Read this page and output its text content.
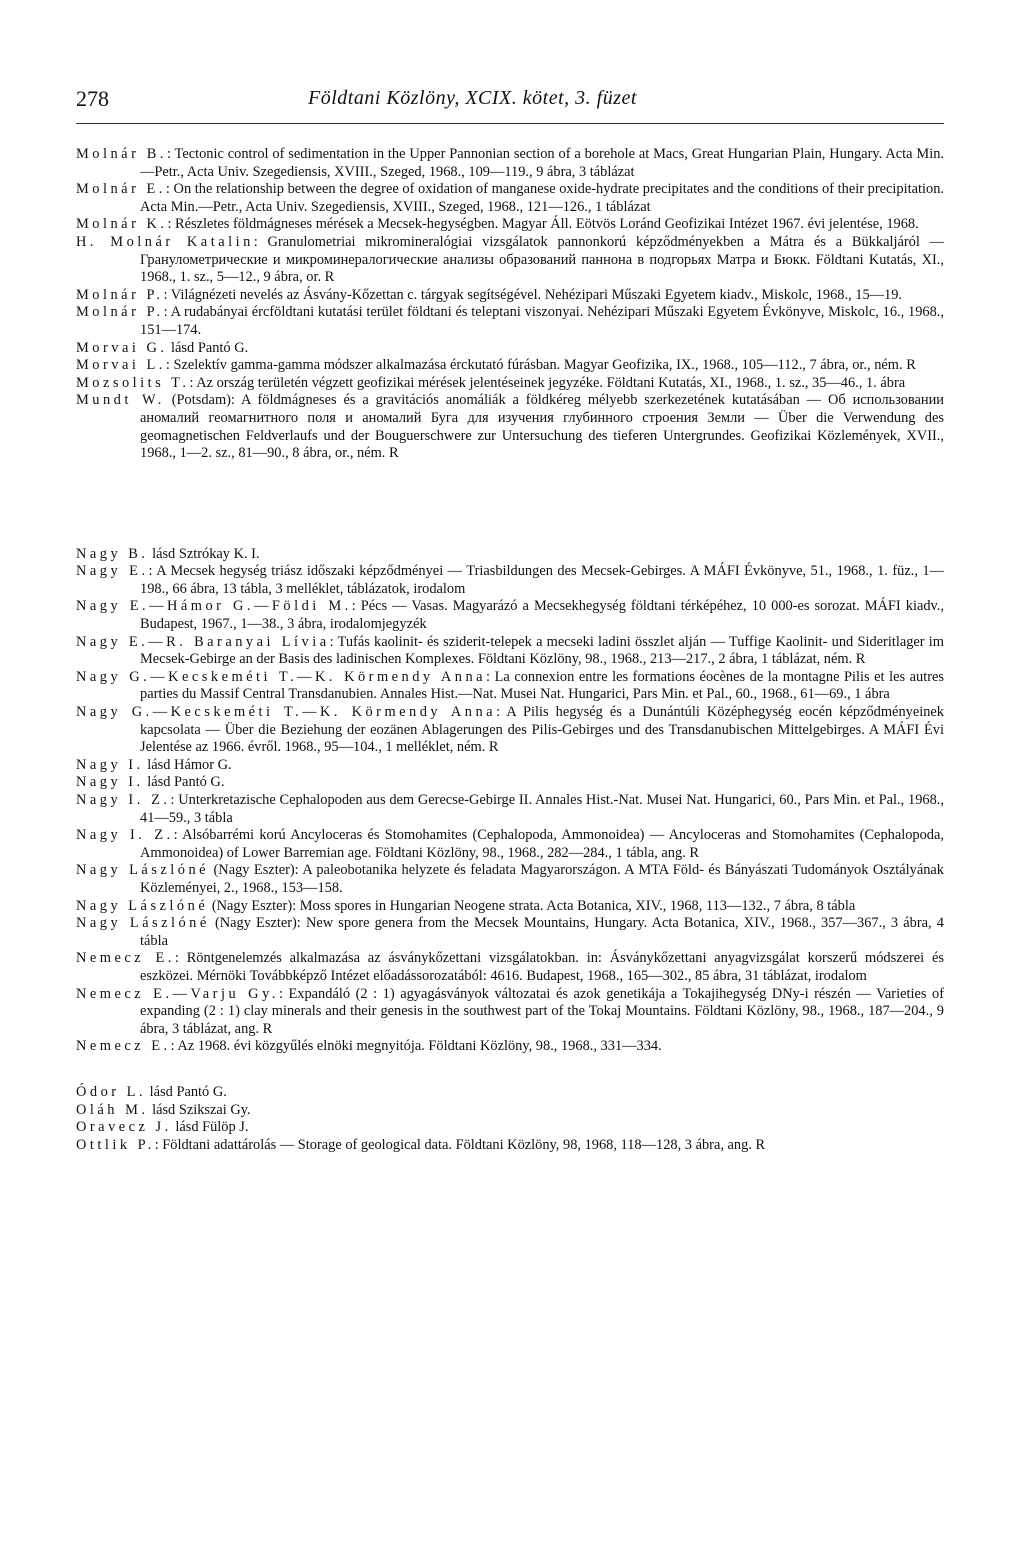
278	Földtani Közlöny, XCIX. kötet, 3. füzet
Molnár B.: Tectonic control of sedimentation in the Upper Pannonian section of a borehole at Macs, Great Hungarian Plain, Hungary. Acta Min.—Petr., Acta Univ. Szegediensis, XVIII., Szeged, 1968., 109—119., 9 ábra, 3 táblázat
Molnár E.: On the relationship between the degree of oxidation of manganese oxide-hydrate precipitates and the conditions of their precipitation. Acta Min.—Petr., Acta Univ. Szegediensis, XVIII., Szeged, 1968., 121—126., 1 táblázat
Molnár K.: Részletes földmágneses mérések a Mecsek-hegységben. Magyar Áll. Eötvös Loránd Geofizikai Intézet 1967. évi jelentése, 1968.
H. Molnár Katalin: Granulometriai mikromineralógiai vizsgálatok pannonkorú képződményekben a Mátra és a Bükkaljáról — Гранулометрические и микроминералогические анализы образований паннона в подгорьях Матра и Бюкк. Földtani Kutatás, XI., 1968., 1. sz., 5—12., 9 ábra, or. R
Molnár P.: Világnézeti nevelés az Ásvány-Kőzettan c. tárgyak segítségével. Nehézipari Műszaki Egyetem kiadv., Miskolc, 1968., 15—19.
Molnár P.: A rudabányai ércföldtani kutatási terület földtani és teleptani viszonyai. Nehézipari Műszaki Egyetem Évkönyve, Miskolc, 16., 1968., 151—174.
Morvai G. lásd Pantó G.
Morvai L.: Szelektív gamma-gamma módszer alkalmazása érckutató fúrásban. Magyar Geofizika, IX., 1968., 105—112., 7 ábra, or., ném. R
Mozsolits T.: Az ország területén végzett geofizikai mérések jelentéseinek jegyzéke. Földtani Kutatás, XI., 1968., 1. sz., 35—46., 1. ábra
Mundt W. (Potsdam): A földmágneses és a gravitációs anomáliák a földkéreg mélyebb szerkezetének kutatásában — Об использовании аномалий геомагнитного поля и аномалий Буга для изучения глубинного строения Земли — Über die Verwendung des geomagnetischen Feldverlaufs und der Bouguerschwere zur Untersuchung des tieferen Untergrundes. Geofizikai Közlemények, XVII., 1968., 1—2. sz., 81—90., 8 ábra, or., ném. R
Nagy B. lásd Sztrókay K. I.
Nagy E.: A Mecsek hegység triász időszaki képződményei — Triasbildungen des Mecsek-Gebirges. A MÁFI Évkönyve, 51., 1968., 1. füz., 1—198., 66 ábra, 13 tábla, 3 melléklet, táblázatok, irodalom
Nagy E.—Hámor G.—Földi M.: Pécs — Vasas. Magyarázó a Mecsekhegység földtani térképéhez, 10 000-es sorozat. MÁFI kiadv., Budapest, 1967., 1—38., 3 ábra, irodalomjegyzék
Nagy E.—R. Baranyai Lívia: Tufás kaolinit- és sziderit-telepek a mecseki ladini összlet alján — Tuffige Kaolinit- und Sideritlager im Mecsek-Gebirge an der Basis des ladinischen Komplexes. Földtani Közlöny, 98., 1968., 213—217., 2 ábra, 1 táblázat, ném. R
Nagy G.—Kecskeméti T.—K. Körmendy Anna: La connexion entre les formations éocènes de la montagne Pilis et les autres parties du Massif Central Transdanubien. Annales Hist.—Nat. Musei Nat. Hungarici, Pars Min. et Pal., 60., 1968., 61—69., 1 ábra
Nagy G.—Kecskeméti T.—K. Körmendy Anna: A Pilis hegység és a Dunántúli Középhegység eocén képződményeinek kapcsolata — Über die Beziehung der eozänen Ablagerungen des Pilis-Gebirges und des Transdanubischen Mittelgebirges. A MÁFI Évi Jelentése az 1966. évről. 1968., 95—104., 1 melléklet, ném. R
Nagy I. lásd Hámor G.
Nagy I. lásd Pantó G.
Nagy I. Z.: Unterkretazische Cephalopoden aus dem Gerecse-Gebirge II. Annales Hist.-Nat. Musei Nat. Hungarici, 60., Pars Min. et Pal., 1968., 41—59., 3 tábla
Nagy I. Z.: Alsóbarrémi korú Ancyloceras és Stomohamites (Cephalopoda, Ammonoidea) — Ancyloceras and Stomohamites (Cephalopoda, Ammonoidea) of Lower Barremian age. Földtani Közlöny, 98., 1968., 282—284., 1 tábla, ang. R
Nagy Lászlóné (Nagy Eszter): A paleobotanika helyzete és feladata Magyarországon. A MTA Föld- és Bányászati Tudományok Osztályának Közleményei, 2., 1968., 153—158.
Nagy Lászlóné (Nagy Eszter): Moss spores in Hungarian Neogene strata. Acta Botanica, XIV., 1968, 113—132., 7 ábra, 8 tábla
Nagy Lászlóné (Nagy Eszter): New spore genera from the Mecsek Mountains, Hungary. Acta Botanica, XIV., 1968., 357—367., 3 ábra, 4 tábla
Nemecz E.: Röntgenelemzés alkalmazása az ásványkőzettani vizsgálatokban. in: Ásványkőzettani anyagvizsgálat korszerű módszerei és eszközei. Mérnöki Továbbképző Intézet előadássorozatából: 4616. Budapest, 1968., 165—302., 85 ábra, 31 táblázat, irodalom
Nemecz E.—Varju Gy.: Expandáló (2 : 1) agyagásványok változatai és azok genetikája a Tokajihegység DNy-i részén — Varieties of expanding (2 : 1) clay minerals and their genesis in the southwest part of the Tokaj Mountains. Földtani Közlöny, 98., 1968., 187—204., 9 ábra, 3 táblázat, ang. R
Nemecz E.: Az 1968. évi közgyűlés elnöki megnyitója. Földtani Közlöny, 98., 1968., 331—334.
Ódor L. lásd Pantó G.
Oláh M. lásd Szikszai Gy.
Oravecz J. lásd Fülöp J.
Ottlik P.: Földtani adattárolás — Storage of geological data. Földtani Közlöny, 98, 1968, 118—128, 3 ábra, ang. R
